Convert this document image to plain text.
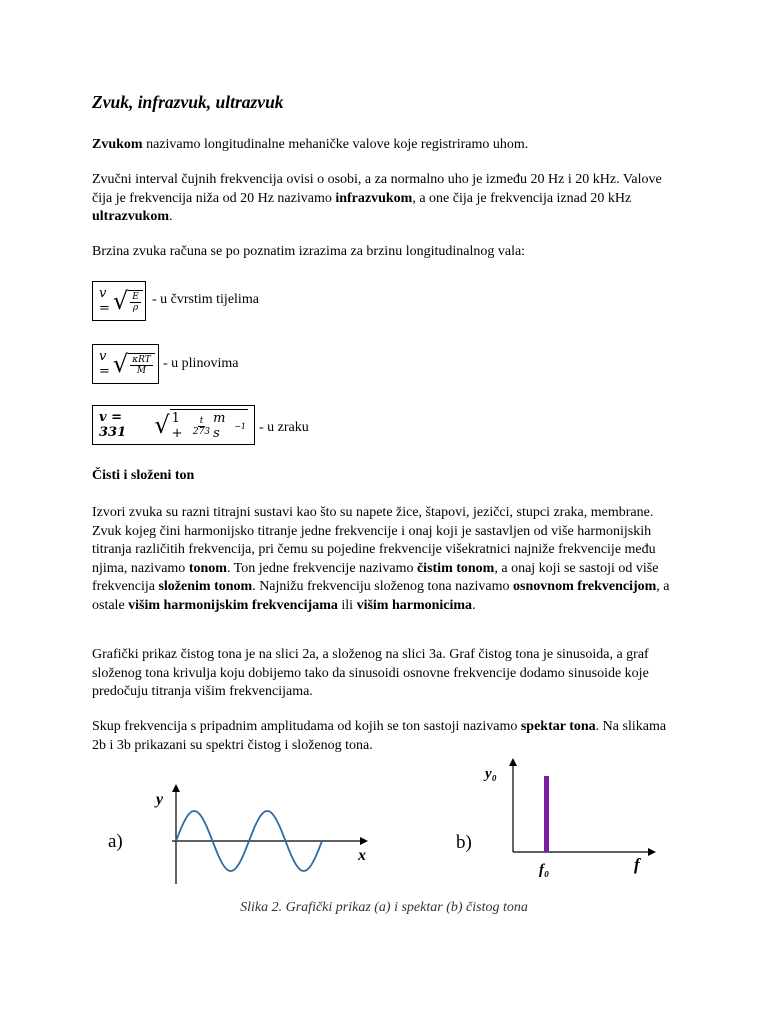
Zvuk, infrazvuk, ultrazvuk
Zvukom nazivamo longitudinalne mehaničke valove koje registriramo uhom.
Zvučni interval čujnih frekvencija ovisi o osobi, a za normalno uho je između 20 Hz i 20 kHz. Valove čija je frekvencija niža od 20 Hz nazivamo infrazvukom, a one čija je frekvencija iznad 20 kHz ultrazvukom.
Brzina zvuka računa se po poznatim izrazima za brzinu longitudinalnog vala:
v = √ $\frac{E}{\rho}$ - u čvrstim tijelima
v = √ $\frac{\text{κRT}}{M}$ - u plinovima
v = 331	√ 1 +	$\frac{t}{273}$ m s	−1 - u zraku
Čisti i složeni ton
Izvori zvuka su razni titrajni sustavi kao što su napete žice, štapovi, jezičci, stupci zraka, membrane. Zvuk kojeg čini harmonijsko titranje jedne frekvencije i onaj koji je sastavljen od više harmonijskih titranja različitih frekvencija, pri čemu su pojedine frekvencije višekratnici najniže frekvencije među njima, nazivamo tonom. Ton jedne frekvencije nazivamo čistim tonom, a onaj koji se sastoji od više frekvencija složenim tonom. Najnižu frekvenciju složenog tona nazivamo osnovnom frekvencijom, a ostale višim harmonijskim frekvencijama ili višim harmonicima.
Grafički prikaz čistog tona je na slici 2a, a složenog na slici 3a. Graf čistog tona je sinusoida, a graf složenog tona krivulja koju dobijemo tako da sinusoidi osnovne frekvencije dodamo sinusoide koje predočuju titranja višim frekvencijama.
Skup frekvencija s pripadnim amplitudama od kojih se ton sastoji nazivamo spektar tona. Na slikama 2b i 3b prikazani su spektri čistog i složenog tona.
a)
y
x
b)
y₀
f
f₀
Slika 2. Grafički prikaz (a) i spektar (b) čistog tona
